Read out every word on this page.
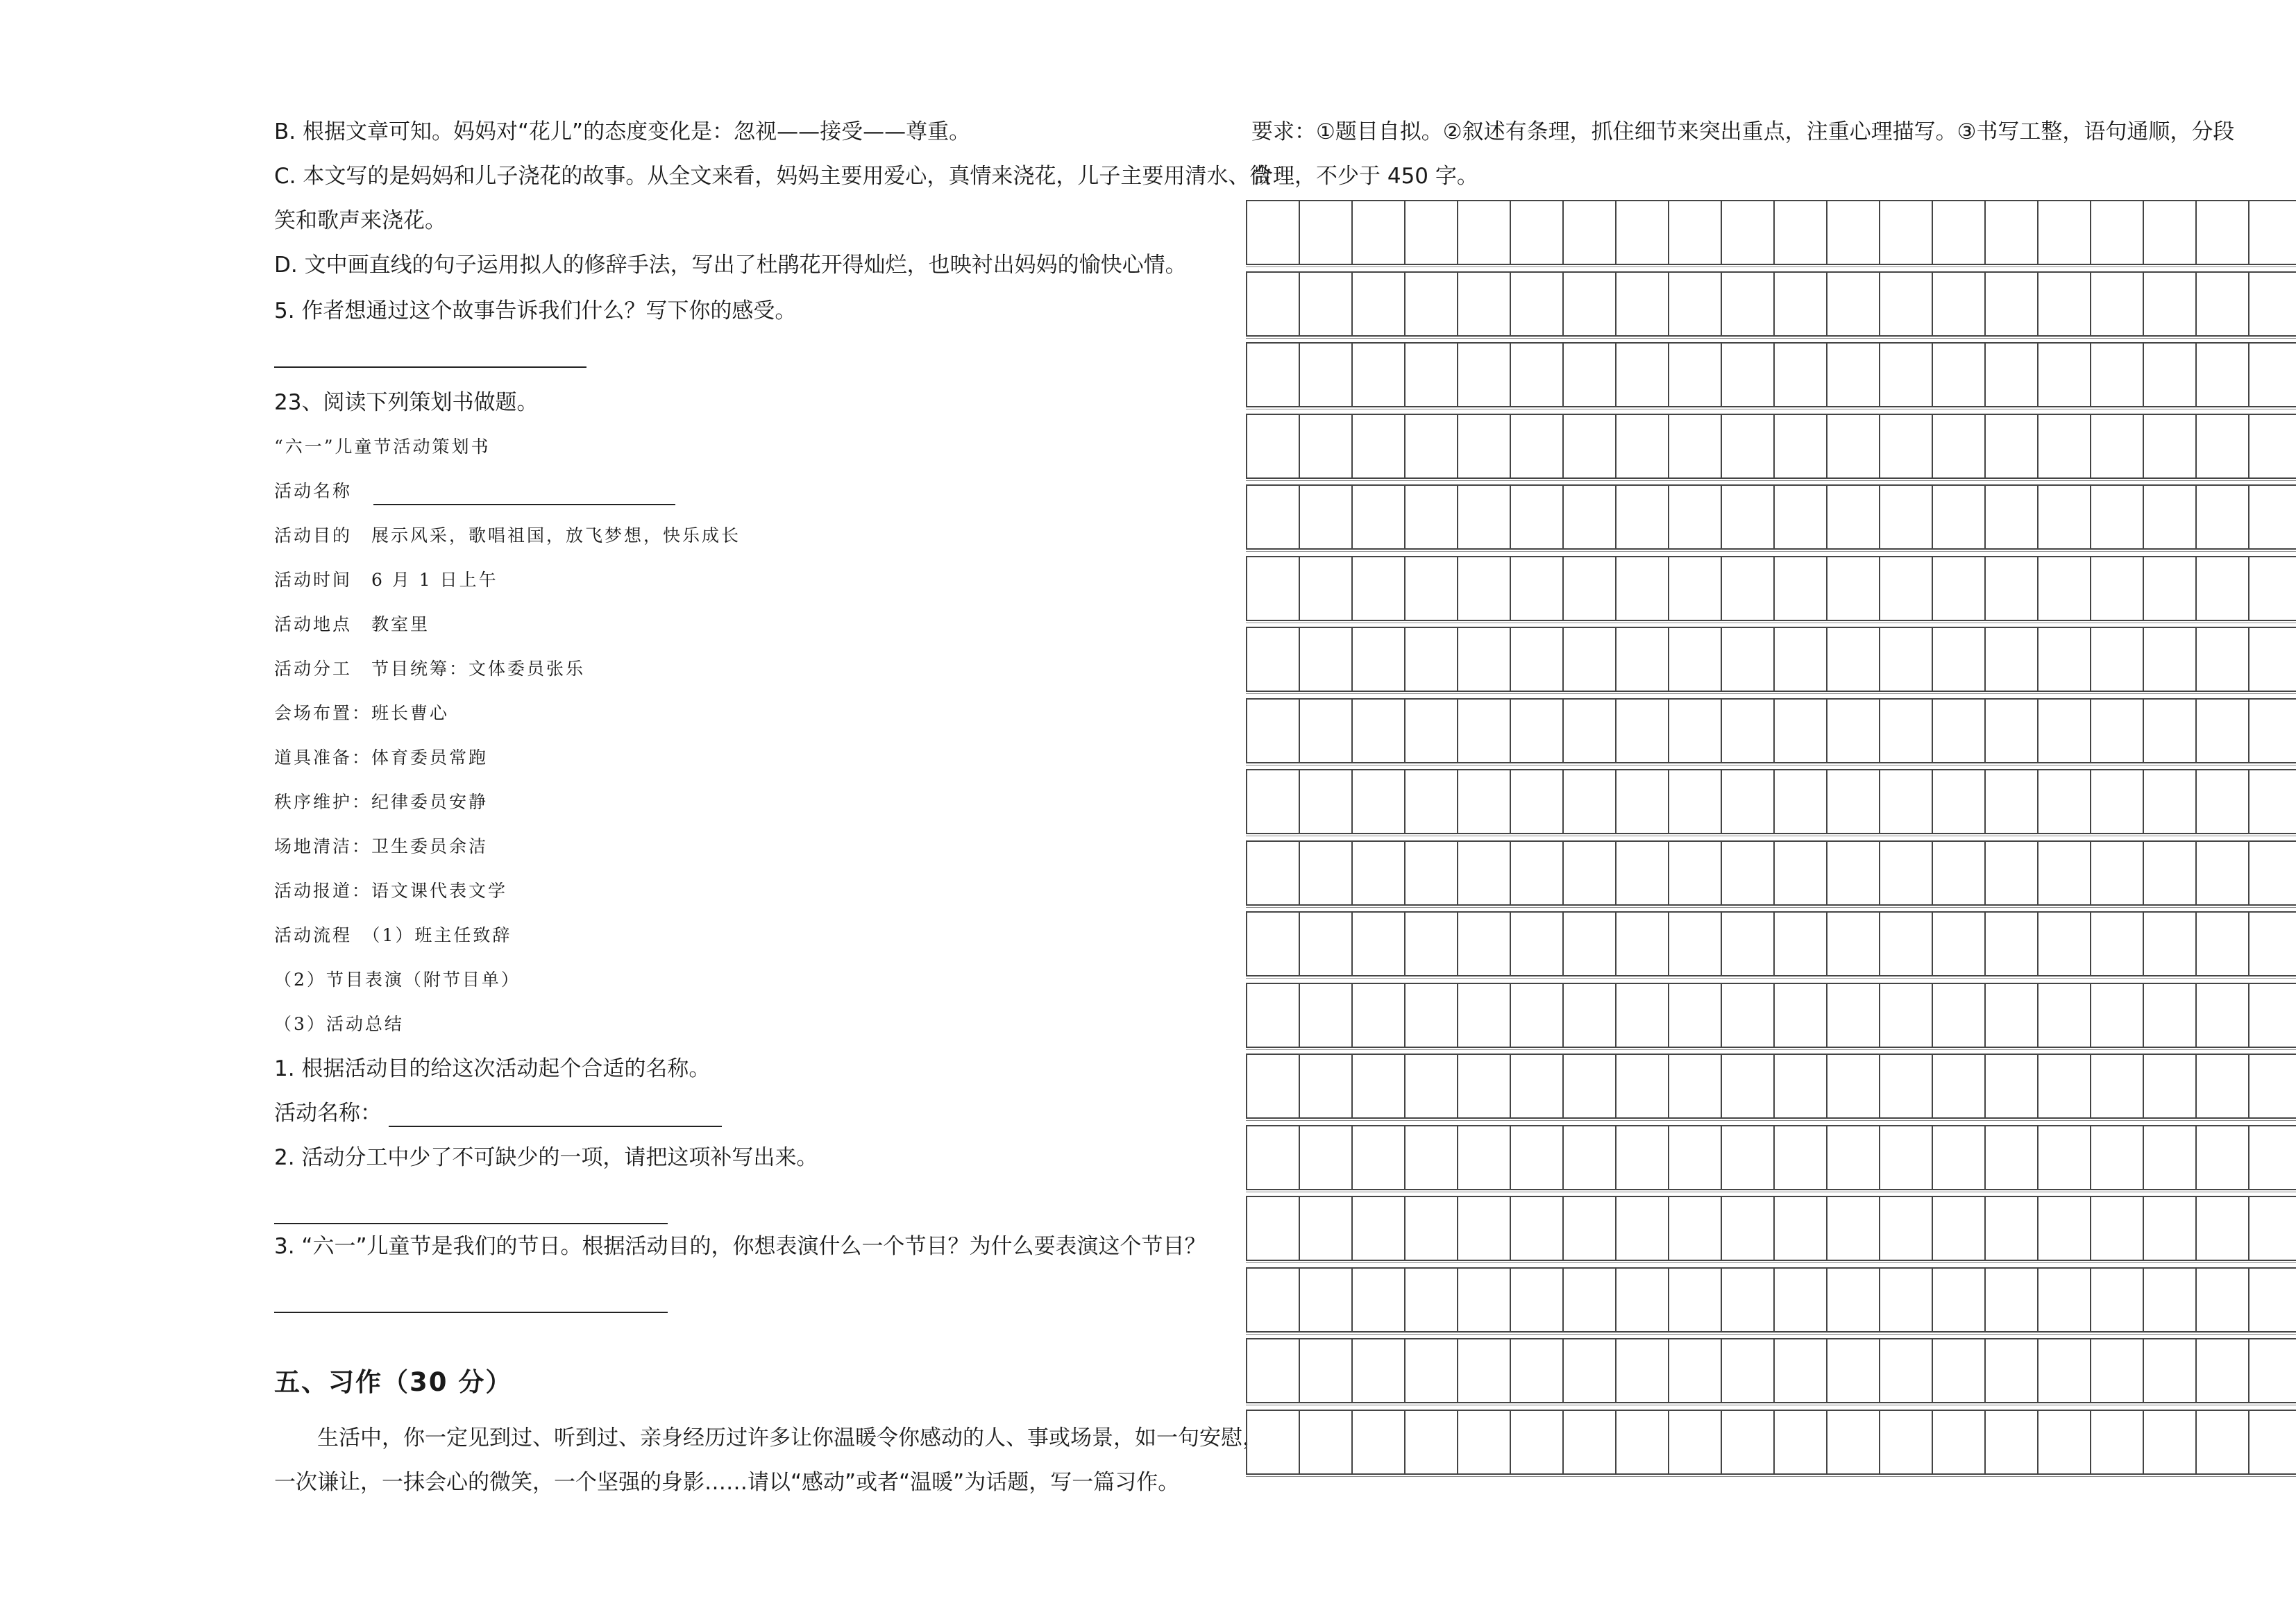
B. 根据文章可知。妈妈对“花儿”的态度变化是：忽视——接受——尊重。
C. 本文写的是妈妈和儿子浇花的故事。从全文来看，妈妈主要用爱心，真情来浇花，儿子主要用清水、微
笑和歌声来浇花。
D. 文中画直线的句子运用拟人的修辞手法，写出了杜鹃花开得灿烂，也映衬出妈妈的愉快心情。
5. 作者想通过这个故事告诉我们什么？写下你的感受。
23、阅读下列策划书做题。
“六一”儿童节活动策划书
活动名称
活动目的　展示风采，歌唱祖国，放飞梦想，快乐成长
活动时间　6 月 1 日上午
活动地点　教室里
活动分工　节目统筹：文体委员张乐
会场布置：班长曹心
道具准备：体育委员常跑
秩序维护：纪律委员安静
场地清洁：卫生委员余洁
活动报道：语文课代表文学
活动流程　（1）班主任致辞
（2）节目表演（附节目单）
（3）活动总结
1. 根据活动目的给这次活动起个合适的名称。
活动名称：
2. 活动分工中少了不可缺少的一项，请把这项补写出来。
3. “六一”儿童节是我们的节日。根据活动目的，你想表演什么一个节目？为什么要表演这个节目？
五、习作（30 分）
生活中，你一定见到过、听到过、亲身经历过许多让你温暖令你感动的人、事或场景，如一句安慰，
一次谦让，一抹会心的微笑，一个坚强的身影……请以“感动”或者“温暖”为话题，写一篇习作。
要求：①题目自拟。②叙述有条理，抓住细节来突出重点，注重心理描写。③书写工整，语句通顺，分段
合理，不少于 450 字。
